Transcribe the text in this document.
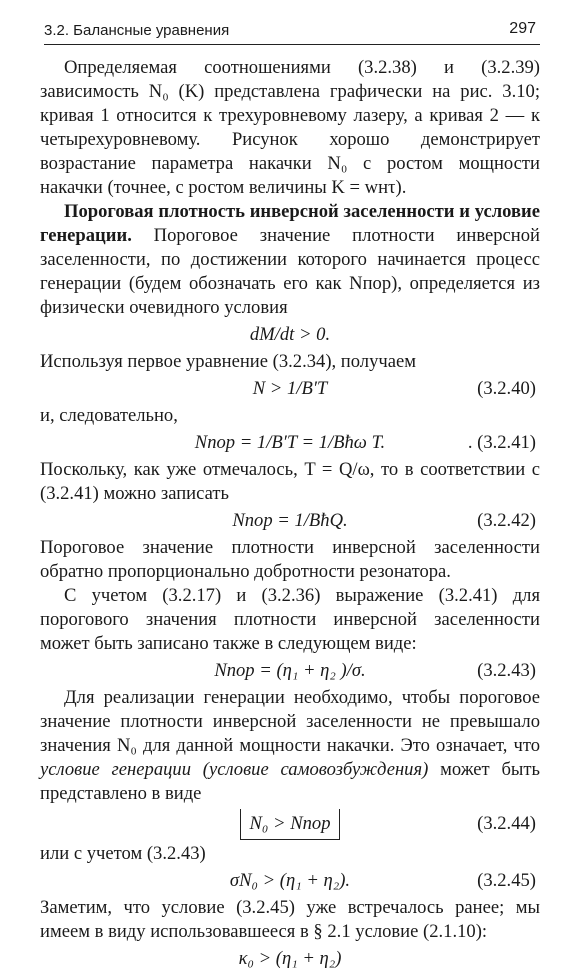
3.2. Балансные уравнения	297

Определяемая соотношениями (3.2.38) и (3.2.39) зависимость N₀ (K) представлена графически на рис. 3.10; кривая 1 относится к трехуровневому лазеру, а кривая 2 — к четырехуровневому. Рисунок хорошо демонстрирует возрастание параметра накачки N₀ с ростом мощности накачки (точнее, с ростом величины K = wнτ).

Пороговая плотность инверсной заселенности и условие генерации. Пороговое значение плотности инверсной заселенности, по достижении которого начинается процесс генерации (будем обозначать его как Nпор), определяется из физически очевидного условия

dM/dt > 0.

Используя первое уравнение (3.2.34), получаем

N > 1/B′T	(3.2.40)

и, следовательно,

Nпор = 1/B′T = 1/Bħω T.	. (3.2.41)

Поскольку, как уже отмечалось, T = Q/ω, то в соответствии с (3.2.41) можно записать

Nпор = 1/BħQ.	(3.2.42)

Пороговое значение плотности инверсной заселенности обратно пропорционально добротности резонатора.

С учетом (3.2.17) и (3.2.36) выражение (3.2.41) для порогового значения плотности инверсной заселенности может быть записано также в следующем виде:

Nпор = (η₁ + η₂ )/σ.	(3.2.43)

Для реализации генерации необходимо, чтобы пороговое значение плотности инверсной заселенности не превышало значения N₀ для данной мощности накачки. Это означает, что условие генерации (условие самовозбуждения) может быть представлено в виде

N₀ > Nпор	(3.2.44)

или с учетом (3.2.43)

σN₀ > (η₁ + η₂).	(3.2.45)

Заметим, что условие (3.2.45) уже встречалось ранее; мы имеем в виду использовавшееся в § 2.1 условие (2.1.10):

κ₀ > (η₁ + η₂)
